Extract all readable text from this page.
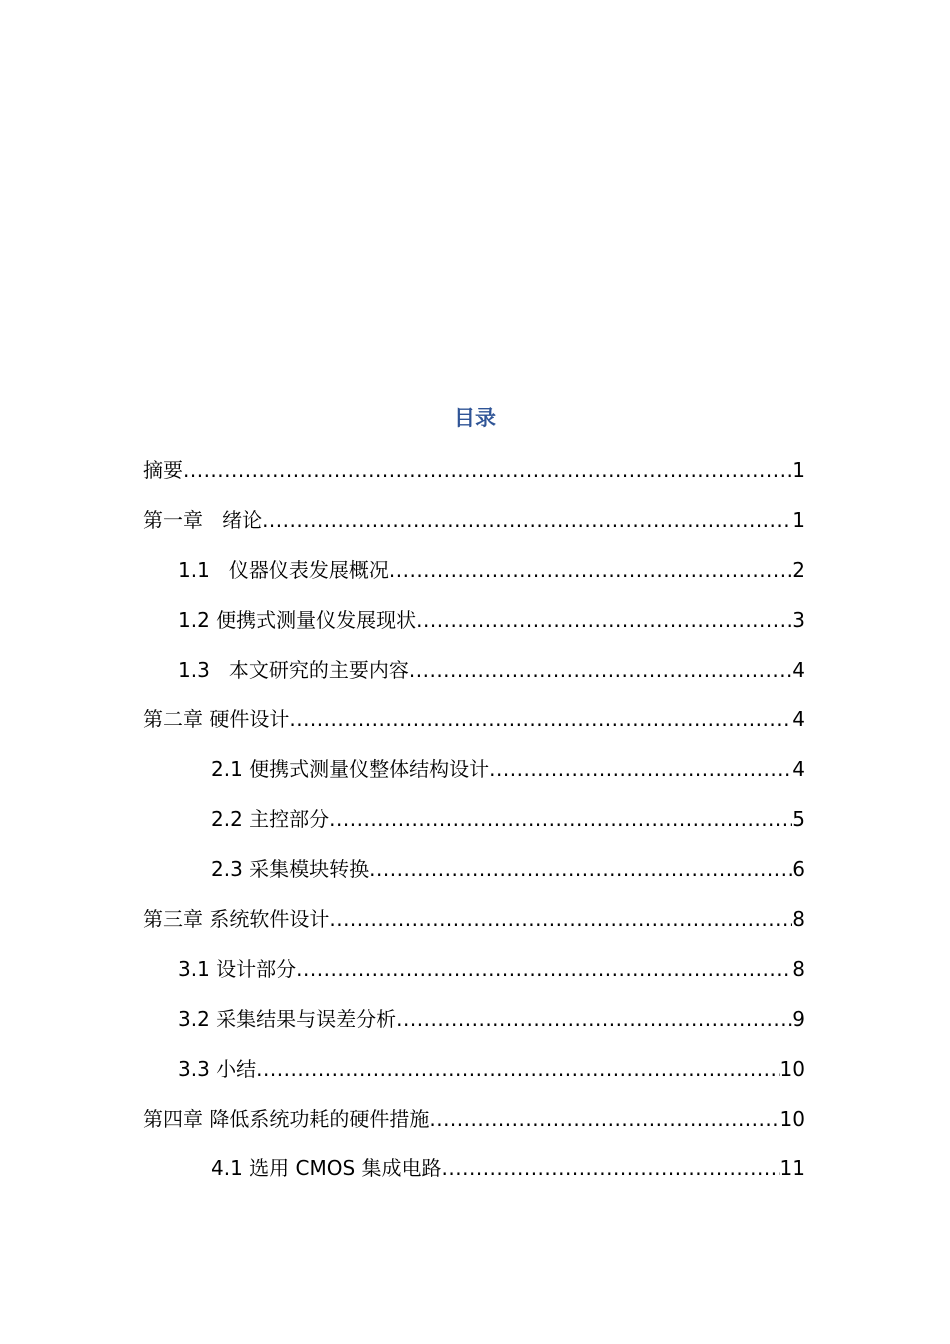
目录
摘要 .....	1
第一章   绪论 .....	1
1.1   仪器仪表发展概况 .....	2
1.2 便携式测量仪发展现状 .....	3
1.3   本文研究的主要内容 .....	4
第二章 硬件设计 .....	4
2.1 便携式测量仪整体结构设计 .....	4
2.2 主控部分 .....	5
2.3 采集模块转换 .....	6
第三章 系统软件设计 .....	8
3.1 设计部分 .....	8
3.2 采集结果与误差分析 .....	9
3.3 小结 .....	10
第四章 降低系统功耗的硬件措施 .....	10
4.1 选用 CMOS 集成电路 .....	11
